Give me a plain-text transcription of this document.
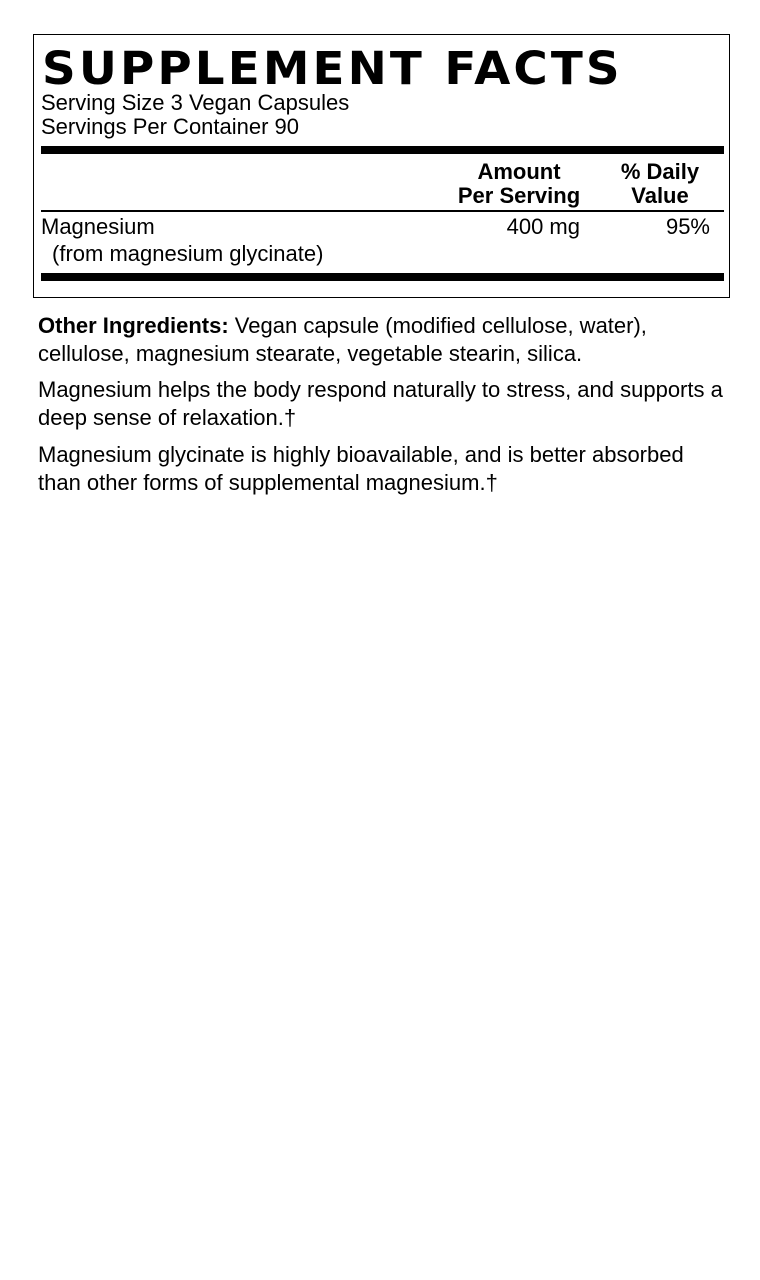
SUPPLEMENT FACTS
Serving Size 3 Vegan Capsules
Servings Per Container 90
Amount
Per Serving
% Daily
Value
Magnesium
(from magnesium glycinate)
400 mg	95%
Other Ingredients: Vegan capsule (modified cellulose, water), cellulose, magnesium stearate, vegetable stearin, silica.
Magnesium helps the body respond naturally to stress, and supports a deep sense of relaxation.†
Magnesium glycinate is highly bioavailable, and is better absorbed than other forms of supplemental magnesium.†
